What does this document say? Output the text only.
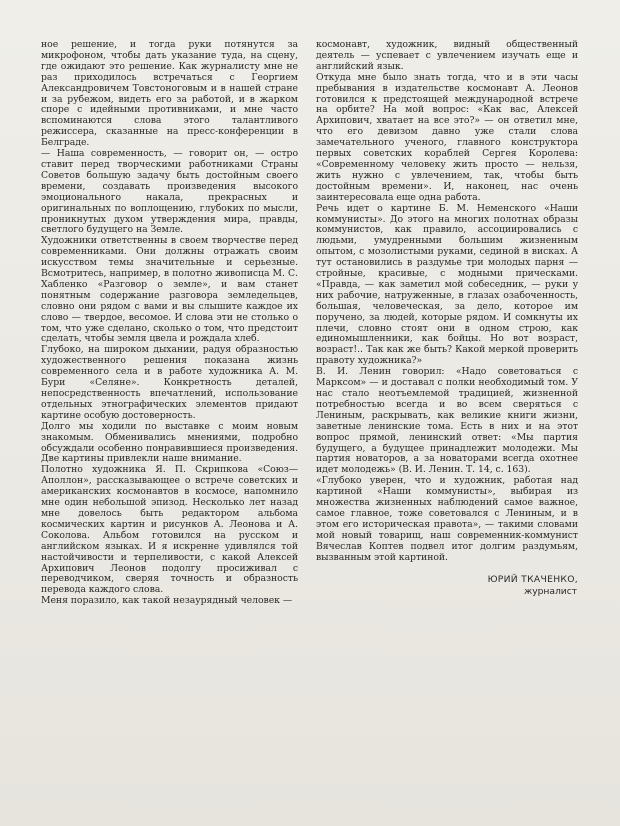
ное решение, и тогда руки потянутся за микрофоном, чтобы дать указание туда, на сцену, где ожидают это решение. Как журналисту мне не раз приходилось встречаться с Георгием Александровичем Товстоноговым и в нашей стране и за рубежом, видеть его за работой, и в жарком споре с идейными противниками, и мне часто вспоминаются слова этого талантливого режиссера, сказанные на пресс-конференции в Белграде.

— Наша современность, — говорит он, — остро ставит перед творческими работниками Страны Советов большую задачу быть достойным своего времени, создавать произведения высокого эмоционального накала, прекрасных и оригинальных по воплощению, глубоких по мысли, проникнутых духом утверждения мира, правды, светлого будущего на Земле.

Художники ответственны в своем творчестве перед современниками. Они должны отражать своим искусством темы значительные и серьезные. Всмотритесь, например, в полотно живописца М. С. Хабленко «Разговор о земле», и вам станет понятным содержание разговора земледельцев, словно они рядом с вами и вы слышите каждое их слово — твердое, весомое. И слова эти не столько о том, что уже сделано, сколько о том, что предстоит сделать, чтобы земля цвела и рождала хлеб.

Глубоко, на широком дыхании, радуя образностью художественного решения показана жизнь современного села и в работе художника А. М. Бури «Селяне». Конкретность деталей, непосредственность впечатлений, использование отдельных этнографических элементов придают картине особую достоверность.

Долго мы ходили по выставке с моим новым знакомым. Обменивались мнениями, подробно обсуждали особенно понравившиеся произведения. Две картины привлекли наше внимание.

Полотно художника Я. П. Скрипкова «Союз—Аполлон», рассказывающее о встрече советских и американских космонавтов в космосе, напомнило мне один небольшой эпизод. Несколько лет назад мне довелось быть редактором альбома космических картин и рисунков А. Леонова и А. Соколова. Альбом готовился на русском и английском языках. И я искренне удивлялся той настойчивости и терпеливости, с какой Алексей Архипович Леонов подолгу просиживал с переводчиком, сверяя точность и образность перевода каждого слова.

Меня поразило, как такой незаурядный человек —

космонавт, художник, видный общественный деятель — успевает с увлечением изучать еще и английский язык.

Откуда мне было знать тогда, что и в эти часы пребывания в издательстве космонавт А. Леонов готовился к предстоящей международной встрече на орбите? На мой вопрос: «Как вас, Алексей Архипович, хватает на все это?» — он ответил мне, что его девизом давно уже стали слова замечательного ученого, главного конструктора первых советских кораблей Сергея Королева: «Современному человеку жить просто — нельзя, жить нужно с увлечением, так, чтобы быть достойным времени». И, наконец, нас очень заинтересовала еще одна работа.

Речь идет о картине Б. М. Неменского «Наши коммунисты». До этого на многих полотнах образы коммунистов, как правило, ассоциировались с людьми, умудренными большим жизненным опытом, с мозолистыми руками, сединой в висках. А тут остановились в раздумье три молодых парня — стройные, красивые, с модными прическами. «Правда, — как заметил мой собеседник, — руки у них рабочие, натруженные, в глазах озабоченность, большая, человеческая, за дело, которое им поручено, за людей, которые рядом. И сомкнуты их плечи, словно стоят они в одном строю, как единомышленники, как бойцы. Но вот возраст, возраст!.. Так как же быть? Какой меркой проверить правоту художника?»

В. И. Ленин говорил: «Надо советоваться с Марксом» — и доставал с полки необходимый том. У нас стало неотъемлемой традицией, жизненной потребностью всегда и во всем сверяться с Лениным, раскрывать, как великие книги жизни, заветные ленинские тома. Есть в них и на этот вопрос прямой, ленинский ответ: «Мы партия будущего, а будущее принадлежит молодежи. Мы партия новаторов, а за новаторами всегда охотнее идет молодежь» (В. И. Ленин. Т. 14, с. 163).

«Глубоко уверен, что и художник, работая над картиной «Наши коммунисты», выбирая из множества жизненных наблюдений самое важное, самое главное, тоже советовался с Лениным, и в этом его историческая правота», — такими словами мой новый товарищ, наш современник-коммунист Вячеслав Коптев подвел итог долгим раздумьям, вызванным этой картиной.

ЮРИЙ ТКАЧЕНКО,
журналист
